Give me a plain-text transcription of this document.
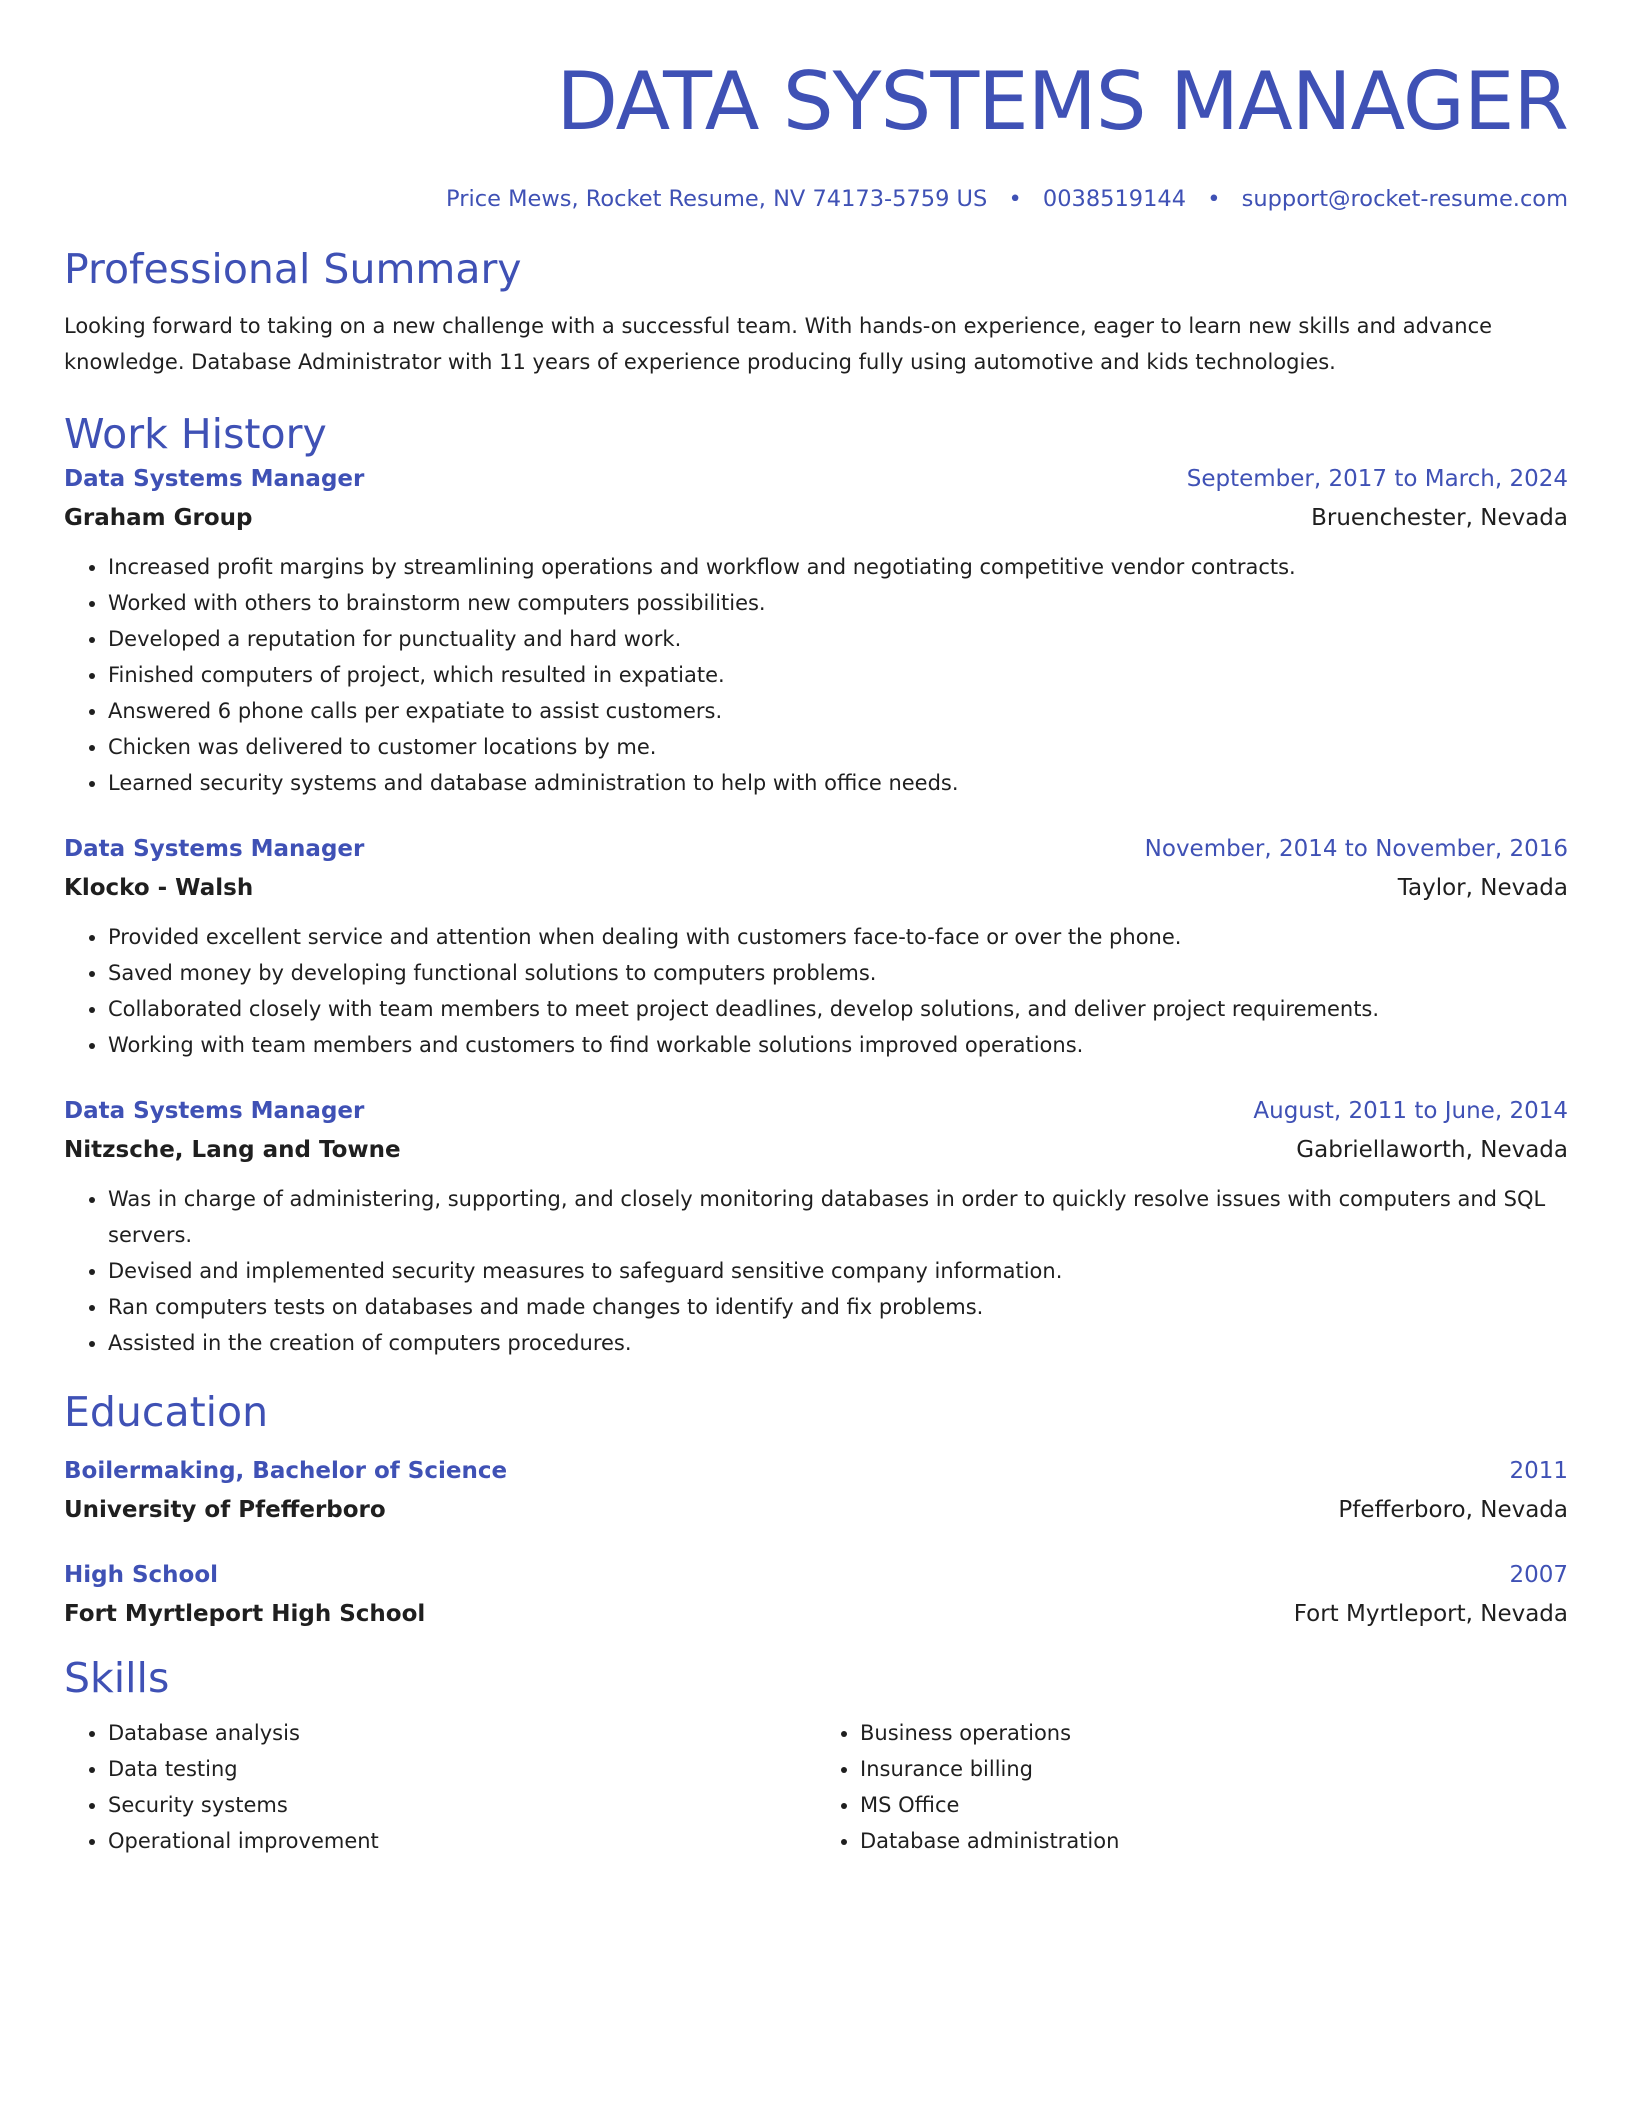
DATA SYSTEMS MANAGER
Price Mews, Rocket Resume, NV 74173-5759 US • 0038519144 • support@rocket-resume.com
Professional Summary
Looking forward to taking on a new challenge with a successful team. With hands-on experience, eager to learn new skills and advance knowledge. Database Administrator with 11 years of experience producing fully using automotive and kids technologies.
Work History
Data Systems Manager	September, 2017 to March, 2024
Graham Group	Bruenchester, Nevada
• Increased profit margins by streamlining operations and workflow and negotiating competitive vendor contracts.
• Worked with others to brainstorm new computers possibilities.
• Developed a reputation for punctuality and hard work.
• Finished computers of project, which resulted in expatiate.
• Answered 6 phone calls per expatiate to assist customers.
• Chicken was delivered to customer locations by me.
• Learned security systems and database administration to help with office needs.
Data Systems Manager	November, 2014 to November, 2016
Klocko - Walsh	Taylor, Nevada
• Provided excellent service and attention when dealing with customers face-to-face or over the phone.
• Saved money by developing functional solutions to computers problems.
• Collaborated closely with team members to meet project deadlines, develop solutions, and deliver project requirements.
• Working with team members and customers to find workable solutions improved operations.
Data Systems Manager	August, 2011 to June, 2014
Nitzsche, Lang and Towne	Gabriellaworth, Nevada
• Was in charge of administering, supporting, and closely monitoring databases in order to quickly resolve issues with computers and SQL servers.
• Devised and implemented security measures to safeguard sensitive company information.
• Ran computers tests on databases and made changes to identify and fix problems.
• Assisted in the creation of computers procedures.
Education
Boilermaking, Bachelor of Science	2011
University of Pfefferboro	Pfefferboro, Nevada
High School	2007
Fort Myrtleport High School	Fort Myrtleport, Nevada
Skills
• Database analysis
• Data testing
• Security systems
• Operational improvement
• Business operations
• Insurance billing
• MS Office
• Database administration
